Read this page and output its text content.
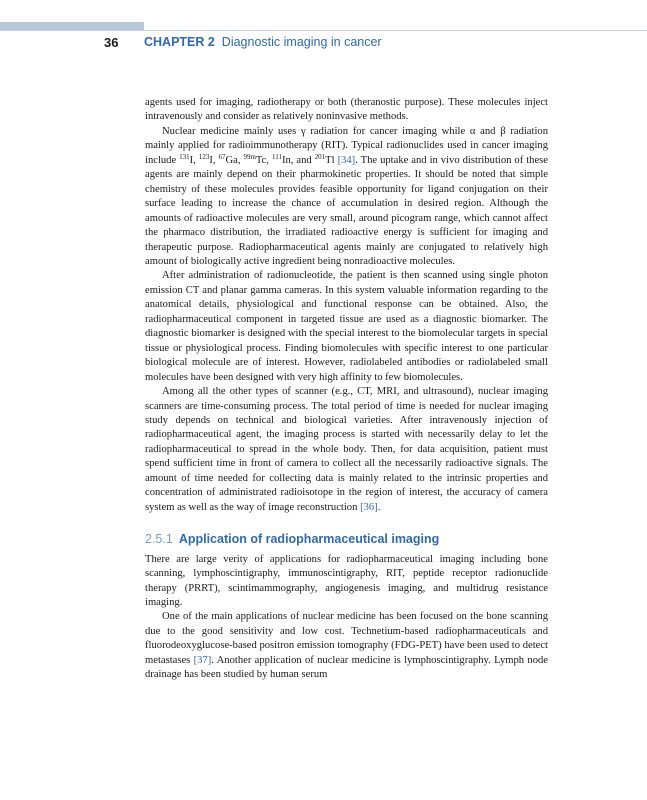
36 CHAPTER 2 Diagnostic imaging in cancer

agents used for imaging, radiotherapy or both (theranostic purpose). These molecules inject intravenously and consider as relatively noninvasive methods.

Nuclear medicine mainly uses γ radiation for cancer imaging while α and β radiation mainly applied for radioimmunotherapy (RIT). Typical radionuclides used in cancer imaging include $^{131}$I, $^{123}$I, $^{67}$Ga, $^{99m}$Tc, $^{111}$In, and $^{201}$Tl [34]. The uptake and in vivo distribution of these agents are mainly depend on their pharmokinetic properties. It should be noted that simple chemistry of these molecules provides feasible opportunity for ligand conjugation on their surface leading to increase the chance of accumulation in desired region. Although the amounts of radioactive molecules are very small, around picogram range, which cannot affect the pharmaco distribution, the irradiated radioactive energy is sufficient for imaging and therapeutic purpose. Radiopharmaceutical agents mainly are conjugated to relatively high amount of biologically active ingredient being nonradioactive molecules.

After administration of radionucleotide, the patient is then scanned using single photon emission CT and planar gamma cameras. In this system valuable information regarding to the anatomical details, physiological and functional response can be obtained. Also, the radiopharmaceutical component in targeted tissue are used as a diagnostic biomarker. The diagnostic biomarker is designed with the special interest to the biomolecular targets in special tissue or physiological process. Finding biomolecules with specific interest to one particular biological molecule are of interest. However, radiolabeled antibodies or radiolabeled small molecules have been designed with very high affinity to few biomolecules.

Among all the other types of scanner (e.g., CT, MRI, and ultrasound), nuclear imaging scanners are time-consuming process. The total period of time is needed for nuclear imaging study depends on technical and biological varieties. After intravenously injection of radiopharmaceutical agent, the imaging process is started with necessarily delay to let the radiopharmaceutical to spread in the whole body. Then, for data acquisition, patient must spend sufficient time in front of camera to collect all the necessarily radioactive signals. The amount of time needed for collecting data is mainly related to the intrinsic properties and concentration of administrated radioisotope in the region of interest, the accuracy of camera system as well as the way of image reconstruction [36].

2.5.1 Application of radiopharmaceutical imaging

There are large verity of applications for radiopharmaceutical imaging including bone scanning, lymphoscintigraphy, immunoscintigraphy, RIT, peptide receptor radionuclide therapy (PRRT), scintimammography, angiogenesis imaging, and multidrug resistance imaging.

One of the main applications of nuclear medicine has been focused on the bone scanning due to the good sensitivity and low cost. Technetium-based radiopharmaceuticals and fluorodeoxyglucose-based positron emission tomography (FDG-PET) have been used to detect metastases [37]. Another application of nuclear medicine is lymphoscintigraphy. Lymph node drainage has been studied by human serum
